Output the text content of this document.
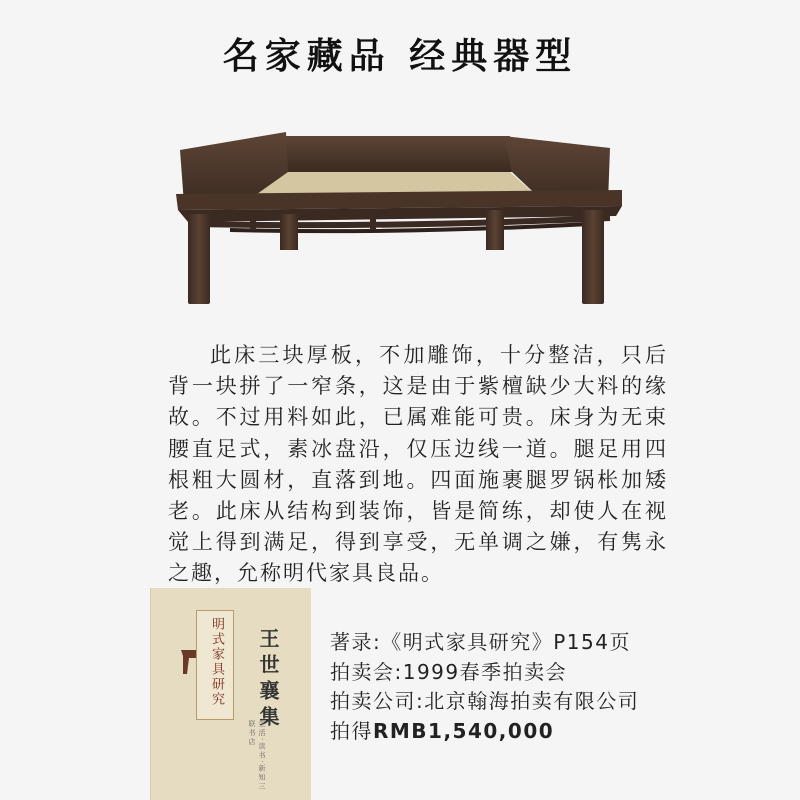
名家藏品 经典器型

此床三块厚板，不加雕饰，十分整洁，只后背一块拼了一窄条，这是由于紫檀缺少大料的缘故。不过用料如此，已属难能可贵。床身为无束腰直足式，素冰盘沿，仅压边线一道。腿足用四根粗大圆材，直落到地。四面施裹腿罗锅枨加矮老。此床从结构到装饰，皆是简练，却使人在视觉上得到满足，得到享受，无单调之嫌，有隽永之趣，允称明代家具良品。

明式家具研究	王世襄集
生活·读书·新知三联书店
著录:《明式家具研究》P154页
拍卖会:1999春季拍卖会
拍卖公司:北京翰海拍卖有限公司
拍得RMB1,540,000
